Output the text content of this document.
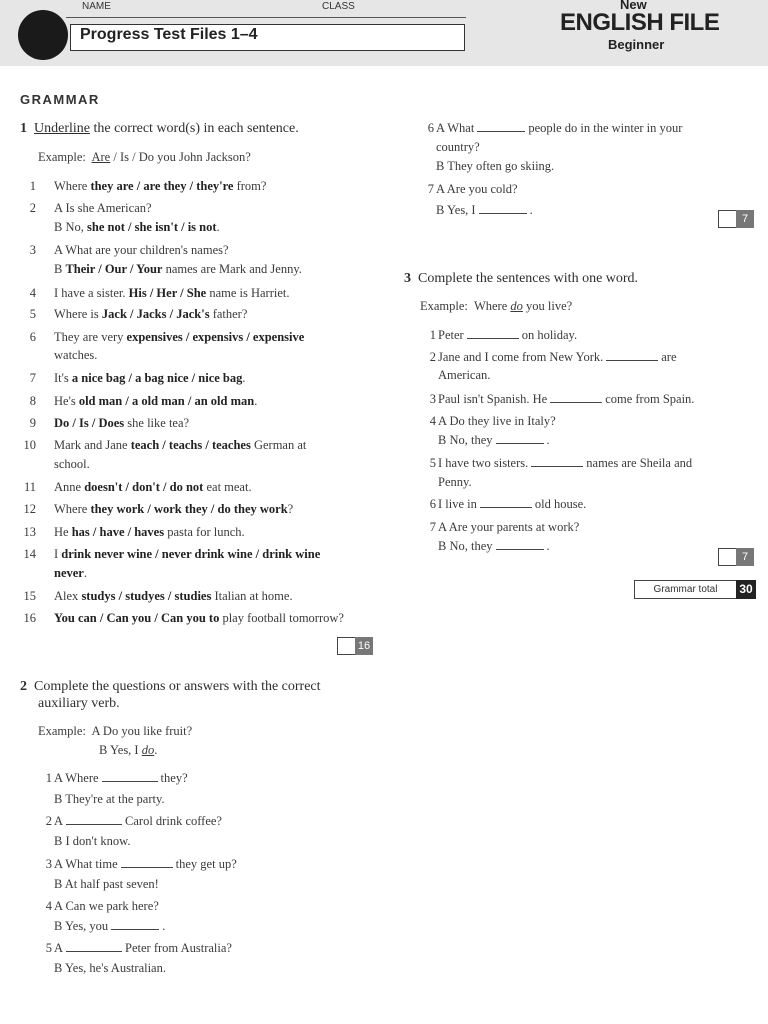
NAME	CLASS
Progress Test Files 1–4
New
ENGLISH FILE
Beginner
GRAMMAR
1 Underline the correct word(s) in each sentence.
Example: Are / Is / Do you John Jackson?
1 Where they are / are they / they're from?
2 A Is she American?
B No, she not / she isn't / is not.
3 A What are your children's names?
B Their / Our / Your names are Mark and Jenny.
4 I have a sister. His / Her / She name is Harriet.
5 Where is Jack / Jacks / Jack's father?
6 They are very expensives / expensivs / expensive
watches.
7 It's a nice bag / a bag nice / nice bag.
8 He's old man / a old man / an old man.
9 Do / Is / Does she like tea?
10 Mark and Jane teach / teachs / teaches German at
school.
11 Anne doesn't / don't / do not eat meat.
12 Where they work / work they / do they work?
13 He has / have / haves pasta for lunch.
14 I drink never wine / never drink wine / drink wine
never.
15 Alex studys / studyes / studies Italian at home.
16 You can / Can you / Can you to play football tomorrow?
16
2 Complete the questions or answers with the correct
auxiliary verb.
Example: A Do you like fruit?
B Yes, I do.
1 A Where	they?
B They're at the party.
2 A	Carol drink coffee?
B I don't know.
3 A What time	they get up?
B At half past seven!
4 A Can we park here?
B Yes, you	.
5 A	Peter from Australia?
B Yes, he's Australian.
6 A What	people do in the winter in your
country?
B They often go skiing.
7 A Are you cold?
B Yes, I	.
7
3 Complete the sentences with one word.
Example: Where do you live?
1 Peter	on holiday.
2 Jane and I come from New York.	are
American.
3 Paul isn't Spanish. He	come from Spain.
4 A Do they live in Italy?
B No, they	.
5 I have two sisters.	names are Sheila and
Penny.
6 I live in	old house.
7 A Are your parents at work?
B No, they	.
7
Grammar total	30
